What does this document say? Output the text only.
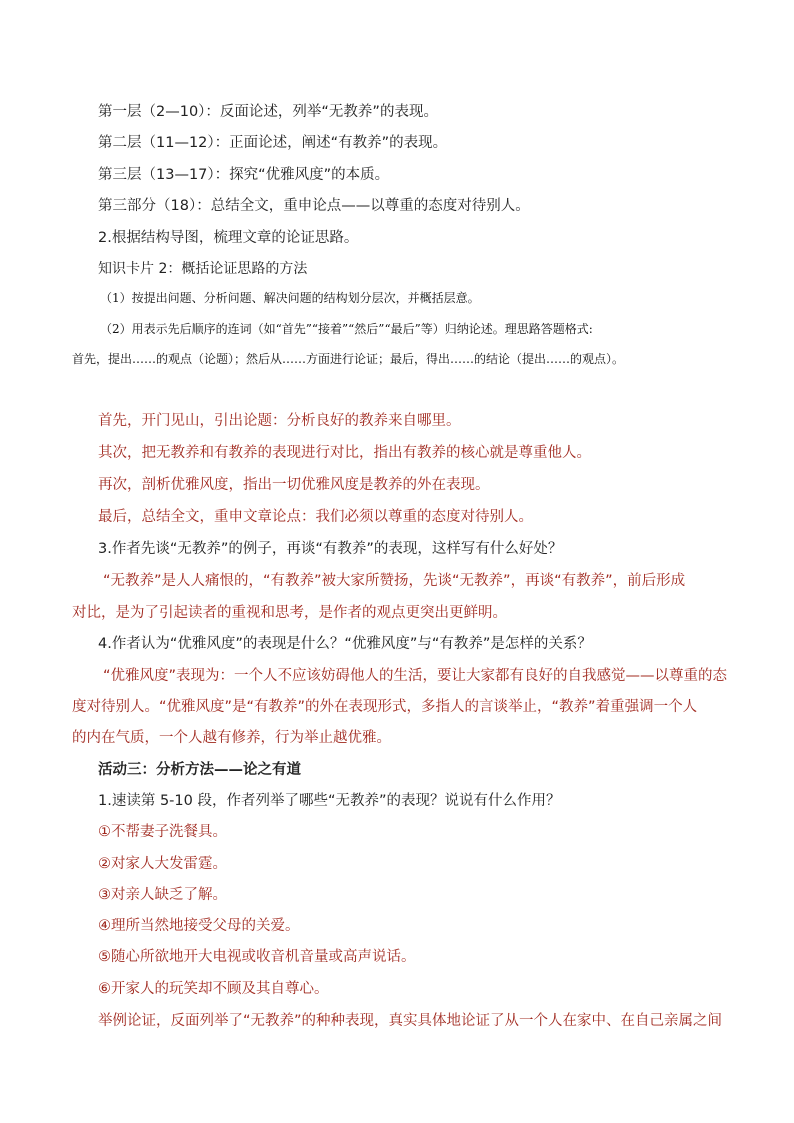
第一层（2—10）：反面论述，列举“无教养”的表现。

第二层（11—12）：正面论述，阐述“有教养”的表现。

第三层（13—17）：探究“优雅风度”的本质。

第三部分（18）：总结全文，重申论点——以尊重的态度对待别人。

2.根据结构导图，梳理文章的论证思路。

知识卡片 2：概括论证思路的方法

（1）按提出问题、分析问题、解决问题的结构划分层次，并概括层意。

（2）用表示先后顺序的连词（如“首先”“接着”“然后”“最后”等）归纳论述。理思路答题格式:

首先，提出……的观点（论题）；然后从……方面进行论证；最后，得出……的结论（提出……的观点）。

首先，开门见山，引出论题：分析良好的教养来自哪里。

其次，把无教养和有教养的表现进行对比，指出有教养的核心就是尊重他人。

再次，剖析优雅风度，指出一切优雅风度是教养的外在表现。

最后，总结全文，重申文章论点：我们必须以尊重的态度对待别人。

3.作者先谈“无教养”的例子，再谈“有教养”的表现，这样写有什么好处？

“无教养”是人人痛恨的，“有教养”被大家所赞扬，先谈“无教养”，再谈“有教养”，前后形成

对比，是为了引起读者的重视和思考，是作者的观点更突出更鲜明。

4.作者认为“优雅风度”的表现是什么？“优雅风度”与“有教养”是怎样的关系？

“优雅风度”表现为：一个人不应该妨碍他人的生活，要让大家都有良好的自我感觉——以尊重的态

度对待别人。“优雅风度”是“有教养”的外在表现形式，多指人的言谈举止，“教养”着重强调一个人

的内在气质，一个人越有修养，行为举止越优雅。

活动三：分析方法——论之有道

1.速读第 5-10 段，作者列举了哪些“无教养”的表现？说说有什么作用？

①不帮妻子洗餐具。

②对家人大发雷霆。

③对亲人缺乏了解。

④理所当然地接受父母的关爱。

⑤随心所欲地开大电视或收音机音量或高声说话。

⑥开家人的玩笑却不顾及其自尊心。

举例论证，反面列举了“无教养”的种种表现，真实具体地论证了从一个人在家中、在自己亲属之间
